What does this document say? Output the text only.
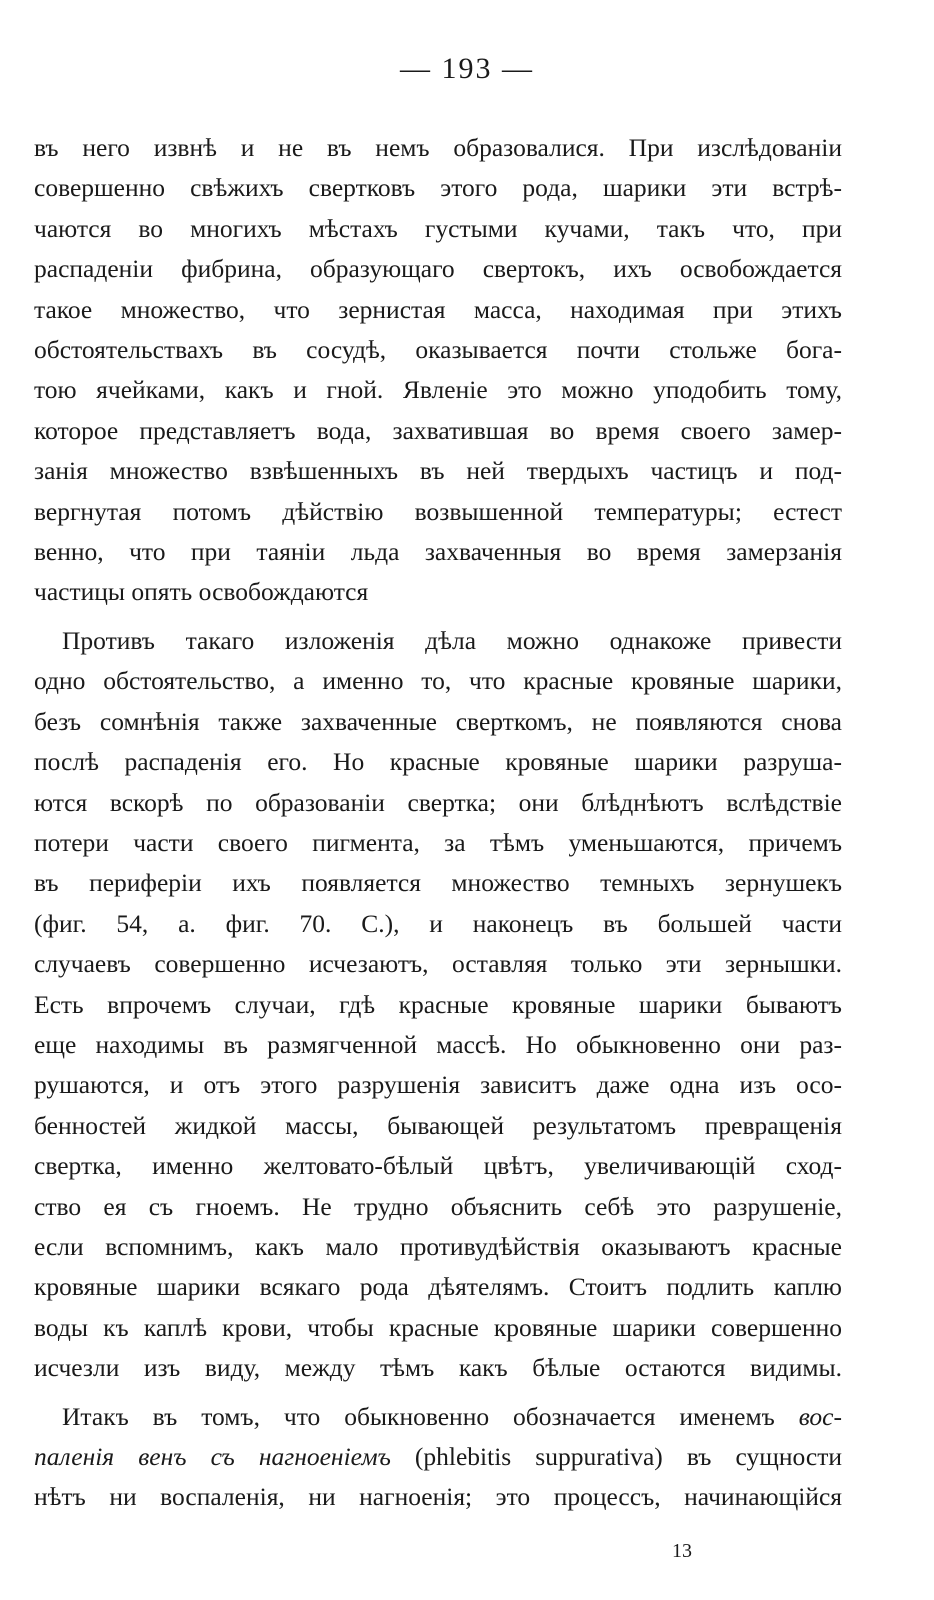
— 193 —
въ него извнѣ и не въ немъ образовалися. При изслѣдованіи
совершенно свѣжихъ свертковъ этого рода, шарики эти встрѣ-
чаются во многихъ мѣстахъ густыми кучами, такъ что, при
распаденіи фибрина, образующаго свертокъ, ихъ освобождается
такое множество, что зернистая масса, находимая при этихъ
обстоятельствахъ въ сосудѣ, оказывается почти стольже бога-
тою ячейками, какъ и гной. Явленіе это можно уподобить тому,
которое представляетъ вода, захватившая во время своего замер-
занія множество взвѣшенныхъ въ ней твердыхъ частицъ и под-
вергнутая потомъ дѣйствію возвышенной температуры; естест
венно, что при таяніи льда захваченныя во время замерзанія
частицы опять освобождаются
Противъ такаго изложенія дѣла можно однакоже привести
одно обстоятельство, а именно то, что красные кровяные шарики,
безъ сомнѣнія также захваченные сверткомъ, не появляются снова
послѣ распаденія его. Но красные кровяные шарики разруша-
ются вскорѣ по образованіи свертка; они блѣднѣютъ вслѣдствіе
потери части своего пигмента, за тѣмъ уменьшаются, причемъ
въ периферіи ихъ появляется множество темныхъ зернушекъ
(фиг. 54, а. фиг. 70. С.), и наконецъ въ большей части
случаевъ совершенно исчезаютъ, оставляя только эти зернышки.
Есть впрочемъ случаи, гдѣ красные кровяные шарики бываютъ
еще находимы въ размягченной массѣ. Но обыкновенно они раз-
рушаются, и отъ этого разрушенія зависитъ даже одна изъ осо-
бенностей жидкой массы, бывающей результатомъ превращенія
свертка, именно желтовато-бѣлый цвѣтъ, увеличивающій сход-
ство ея съ гноемъ. Не трудно объяснить себѣ это разрушеніе,
если вспомнимъ, какъ мало противудѣйствія оказываютъ красные
кровяные шарики всякаго рода дѣятелямъ. Стоитъ подлить каплю
воды къ каплѣ крови, чтобы красные кровяные шарики совершенно
исчезли изъ виду, между тѣмъ какъ бѣлые остаются видимы.
Итакъ въ томъ, что обыкновенно обозначается именемъ вос-
паленія венъ съ нагноеніемъ (phlebitis suppurativa) въ сущности
нѣтъ ни воспаленія, ни нагноенія; это процессъ, начинающійся
13
